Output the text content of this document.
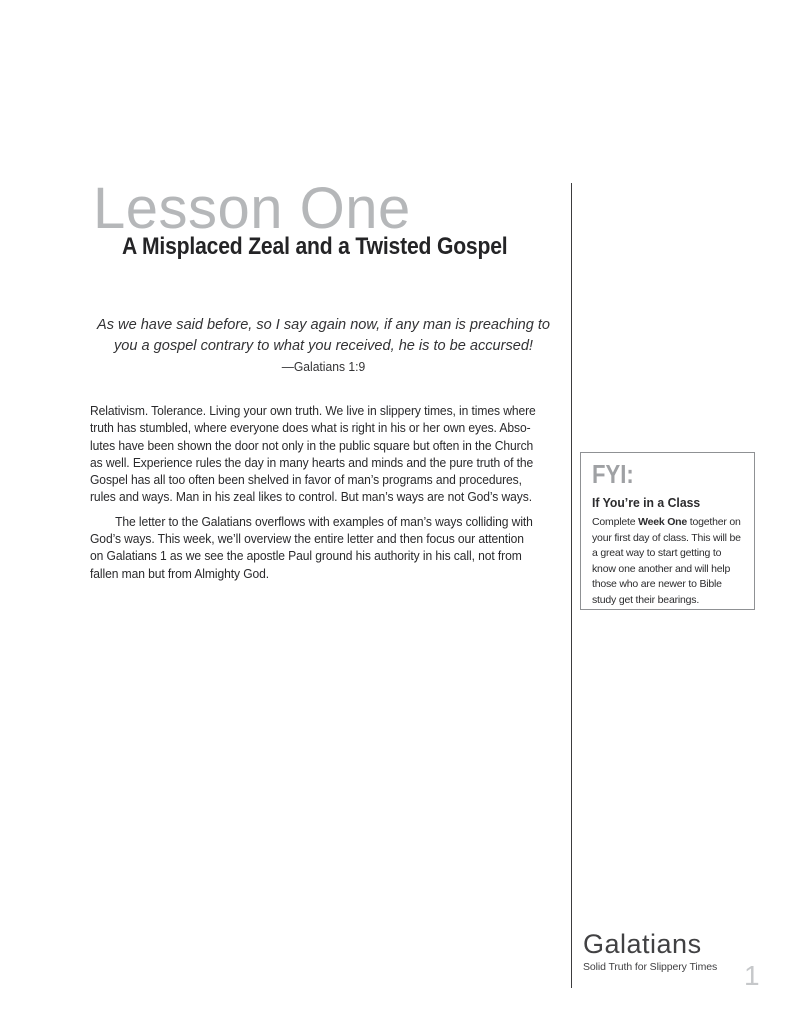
Lesson One
A Misplaced Zeal and a Twisted Gospel
As we have said before, so I say again now, if any man is preaching to
you a gospel contrary to what you received, he is to be accursed!
—Galatians 1:9
Relativism. Tolerance. Living your own truth. We live in slippery times, in times where
truth has stumbled, where everyone does what is right in his or her own eyes. Abso-
lutes have been shown the door not only in the public square but often in the Church
as well. Experience rules the day in many hearts and minds and the pure truth of the
Gospel has all too often been shelved in favor of man’s programs and procedures,
rules and ways. Man in his zeal likes to control. But man’s ways are not God’s ways.
The letter to the Galatians overflows with examples of man’s ways colliding with
God’s ways. This week, we’ll overview the entire letter and then focus our attention
on Galatians 1 as we see the apostle Paul ground his authority in his call, not from
fallen man but from Almighty God.
FYI:
If You’re in a Class

Complete Week One together on your first day of class. This will be a great way to start getting to know one another and will help those who are newer to Bible study get their bearings.

Galatians
Solid Truth for Slippery Times 1
